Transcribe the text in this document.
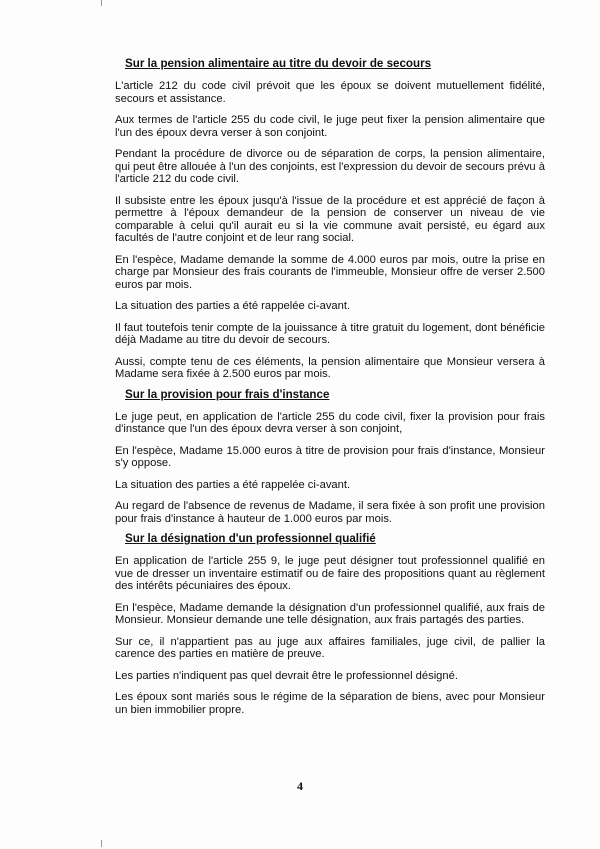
Sur la pension alimentaire au titre du devoir de secours

L'article 212 du code civil prévoit que les époux se doivent mutuellement fidélité, secours et assistance.

Aux termes de l'article 255 du code civil, le juge peut fixer la pension alimentaire que l'un des époux devra verser à son conjoint.

Pendant la procédure de divorce ou de séparation de corps, la pension alimentaire, qui peut être allouée à l'un des conjoints, est l'expression du devoir de secours prévu à l'article 212 du code civil.

Il subsiste entre les époux jusqu'à l'issue de la procédure et est apprécié de façon à permettre à l'époux demandeur de la pension de conserver un niveau de vie comparable à celui qu'il aurait eu si la vie commune avait persisté, eu égard aux facultés de l'autre conjoint et de leur rang social.

En l'espèce, Madame demande la somme de 4.000 euros par mois, outre la prise en charge par Monsieur des frais courants de l'immeuble, Monsieur offre de verser 2.500 euros par mois.

La situation des parties a été rappelée ci-avant.

Il faut toutefois tenir compte de la jouissance à titre gratuit du logement, dont bénéficie déjà Madame au titre du devoir de secours.

Aussi, compte tenu de ces éléments, la pension alimentaire que Monsieur versera à Madame sera fixée à 2.500 euros par mois.

Sur la provision pour frais d'instance

Le juge peut, en application de l'article 255 du code civil, fixer la provision pour frais d'instance que l'un des époux devra verser à son conjoint,

En l'espèce, Madame 15.000 euros à titre de provision pour frais d'instance, Monsieur s'y oppose.

La situation des parties a été rappelée ci-avant.

Au regard de l'absence de revenus de Madame, il sera fixée à son profit une provision pour frais d'instance à hauteur de 1.000 euros par mois.

Sur la désignation d'un professionnel qualifié

En application de l'article 255 9, le juge peut désigner tout professionnel qualifié en vue de dresser un inventaire estimatif ou de faire des propositions quant au règlement des intérêts pécuniaires des époux.

En l'espèce, Madame demande la désignation d'un professionnel qualifié, aux frais de Monsieur. Monsieur demande une telle désignation, aux frais partagés des parties.

Sur ce, il n'appartient pas au juge aux affaires familiales, juge civil, de pallier la carence des parties en matière de preuve.

Les parties n'indiquent pas quel devrait être le professionnel désigné.

Les époux sont mariés sous le régime de la séparation de biens, avec pour Monsieur un bien immobilier propre.

4
